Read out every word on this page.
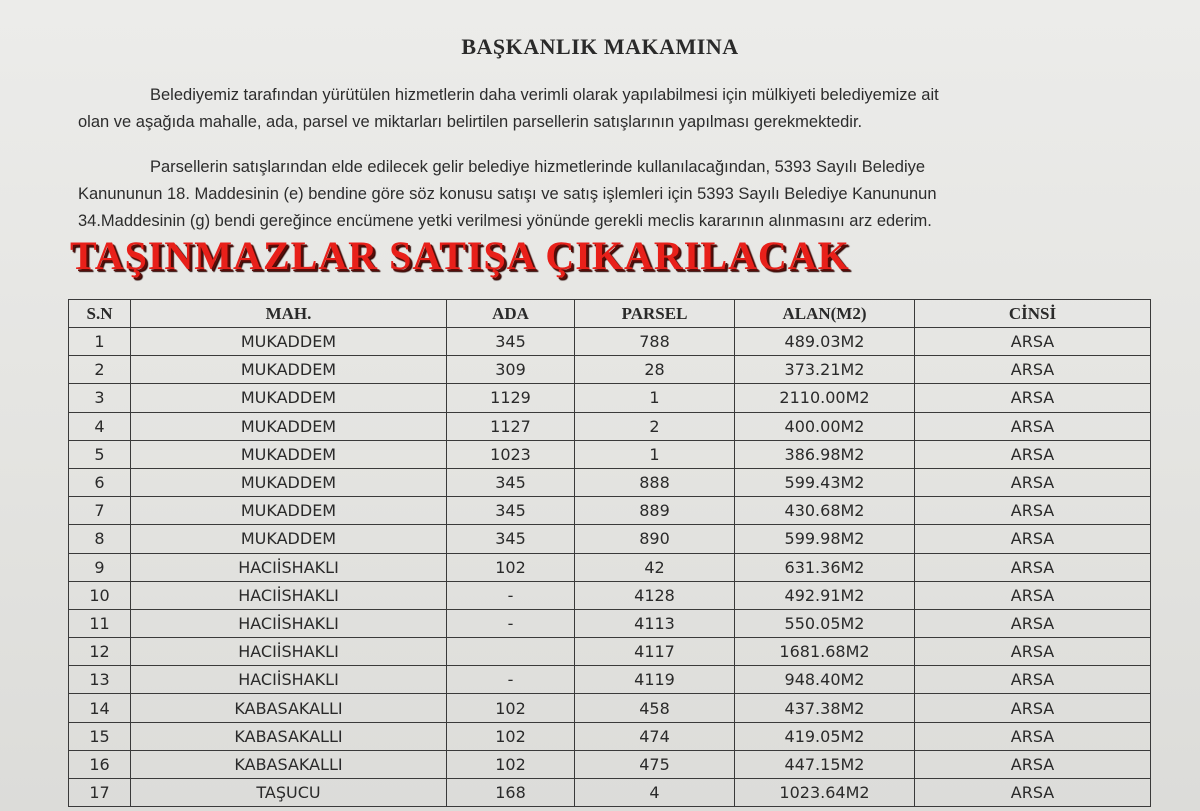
BAŞKANLIK MAKAMINA
Belediyemiz tarafından yürütülen hizmetlerin daha verimli olarak yapılabilmesi için mülkiyeti belediyemize ait
olan ve aşağıda mahalle, ada, parsel ve miktarları belirtilen parsellerin satışlarının yapılması gerekmektedir.
Parsellerin satışlarından elde edilecek gelir belediye hizmetlerinde kullanılacağından, 5393 Sayılı Belediye
Kanununun 18. Maddesinin (e) bendine göre söz konusu satışı ve satış işlemleri için 5393 Sayılı Belediye Kanununun
34.Maddesinin (g) bendi gereğince encümene yetki verilmesi yönünde gerekli meclis kararının alınmasını arz ederim.
TAŞINMAZLAR SATIŞA ÇIKARILACAK
S.N	MAH.	ADA	PARSEL	ALAN(M2)	CİNSİ
1	MUKADDEM	345	788	489.03M2	ARSA
2	MUKADDEM	309	28	373.21M2	ARSA
3	MUKADDEM	1129	1	2110.00M2	ARSA
4	MUKADDEM	1127	2	400.00M2	ARSA
5	MUKADDEM	1023	1	386.98M2	ARSA
6	MUKADDEM	345	888	599.43M2	ARSA
7	MUKADDEM	345	889	430.68M2	ARSA
8	MUKADDEM	345	890	599.98M2	ARSA
9	HACIİSHAKLI	102	42	631.36M2	ARSA
10	HACIİSHAKLI	-	4128	492.91M2	ARSA
11	HACIİSHAKLI	-	4113	550.05M2	ARSA
12	HACIİSHAKLI		4117	1681.68M2	ARSA
13	HACIİSHAKLI	-	4119	948.40M2	ARSA
14	KABASAKALLI	102	458	437.38M2	ARSA
15	KABASAKALLI	102	474	419.05M2	ARSA
16	KABASAKALLI	102	475	447.15M2	ARSA
17	TAŞUCU	168	4	1023.64M2	ARSA
